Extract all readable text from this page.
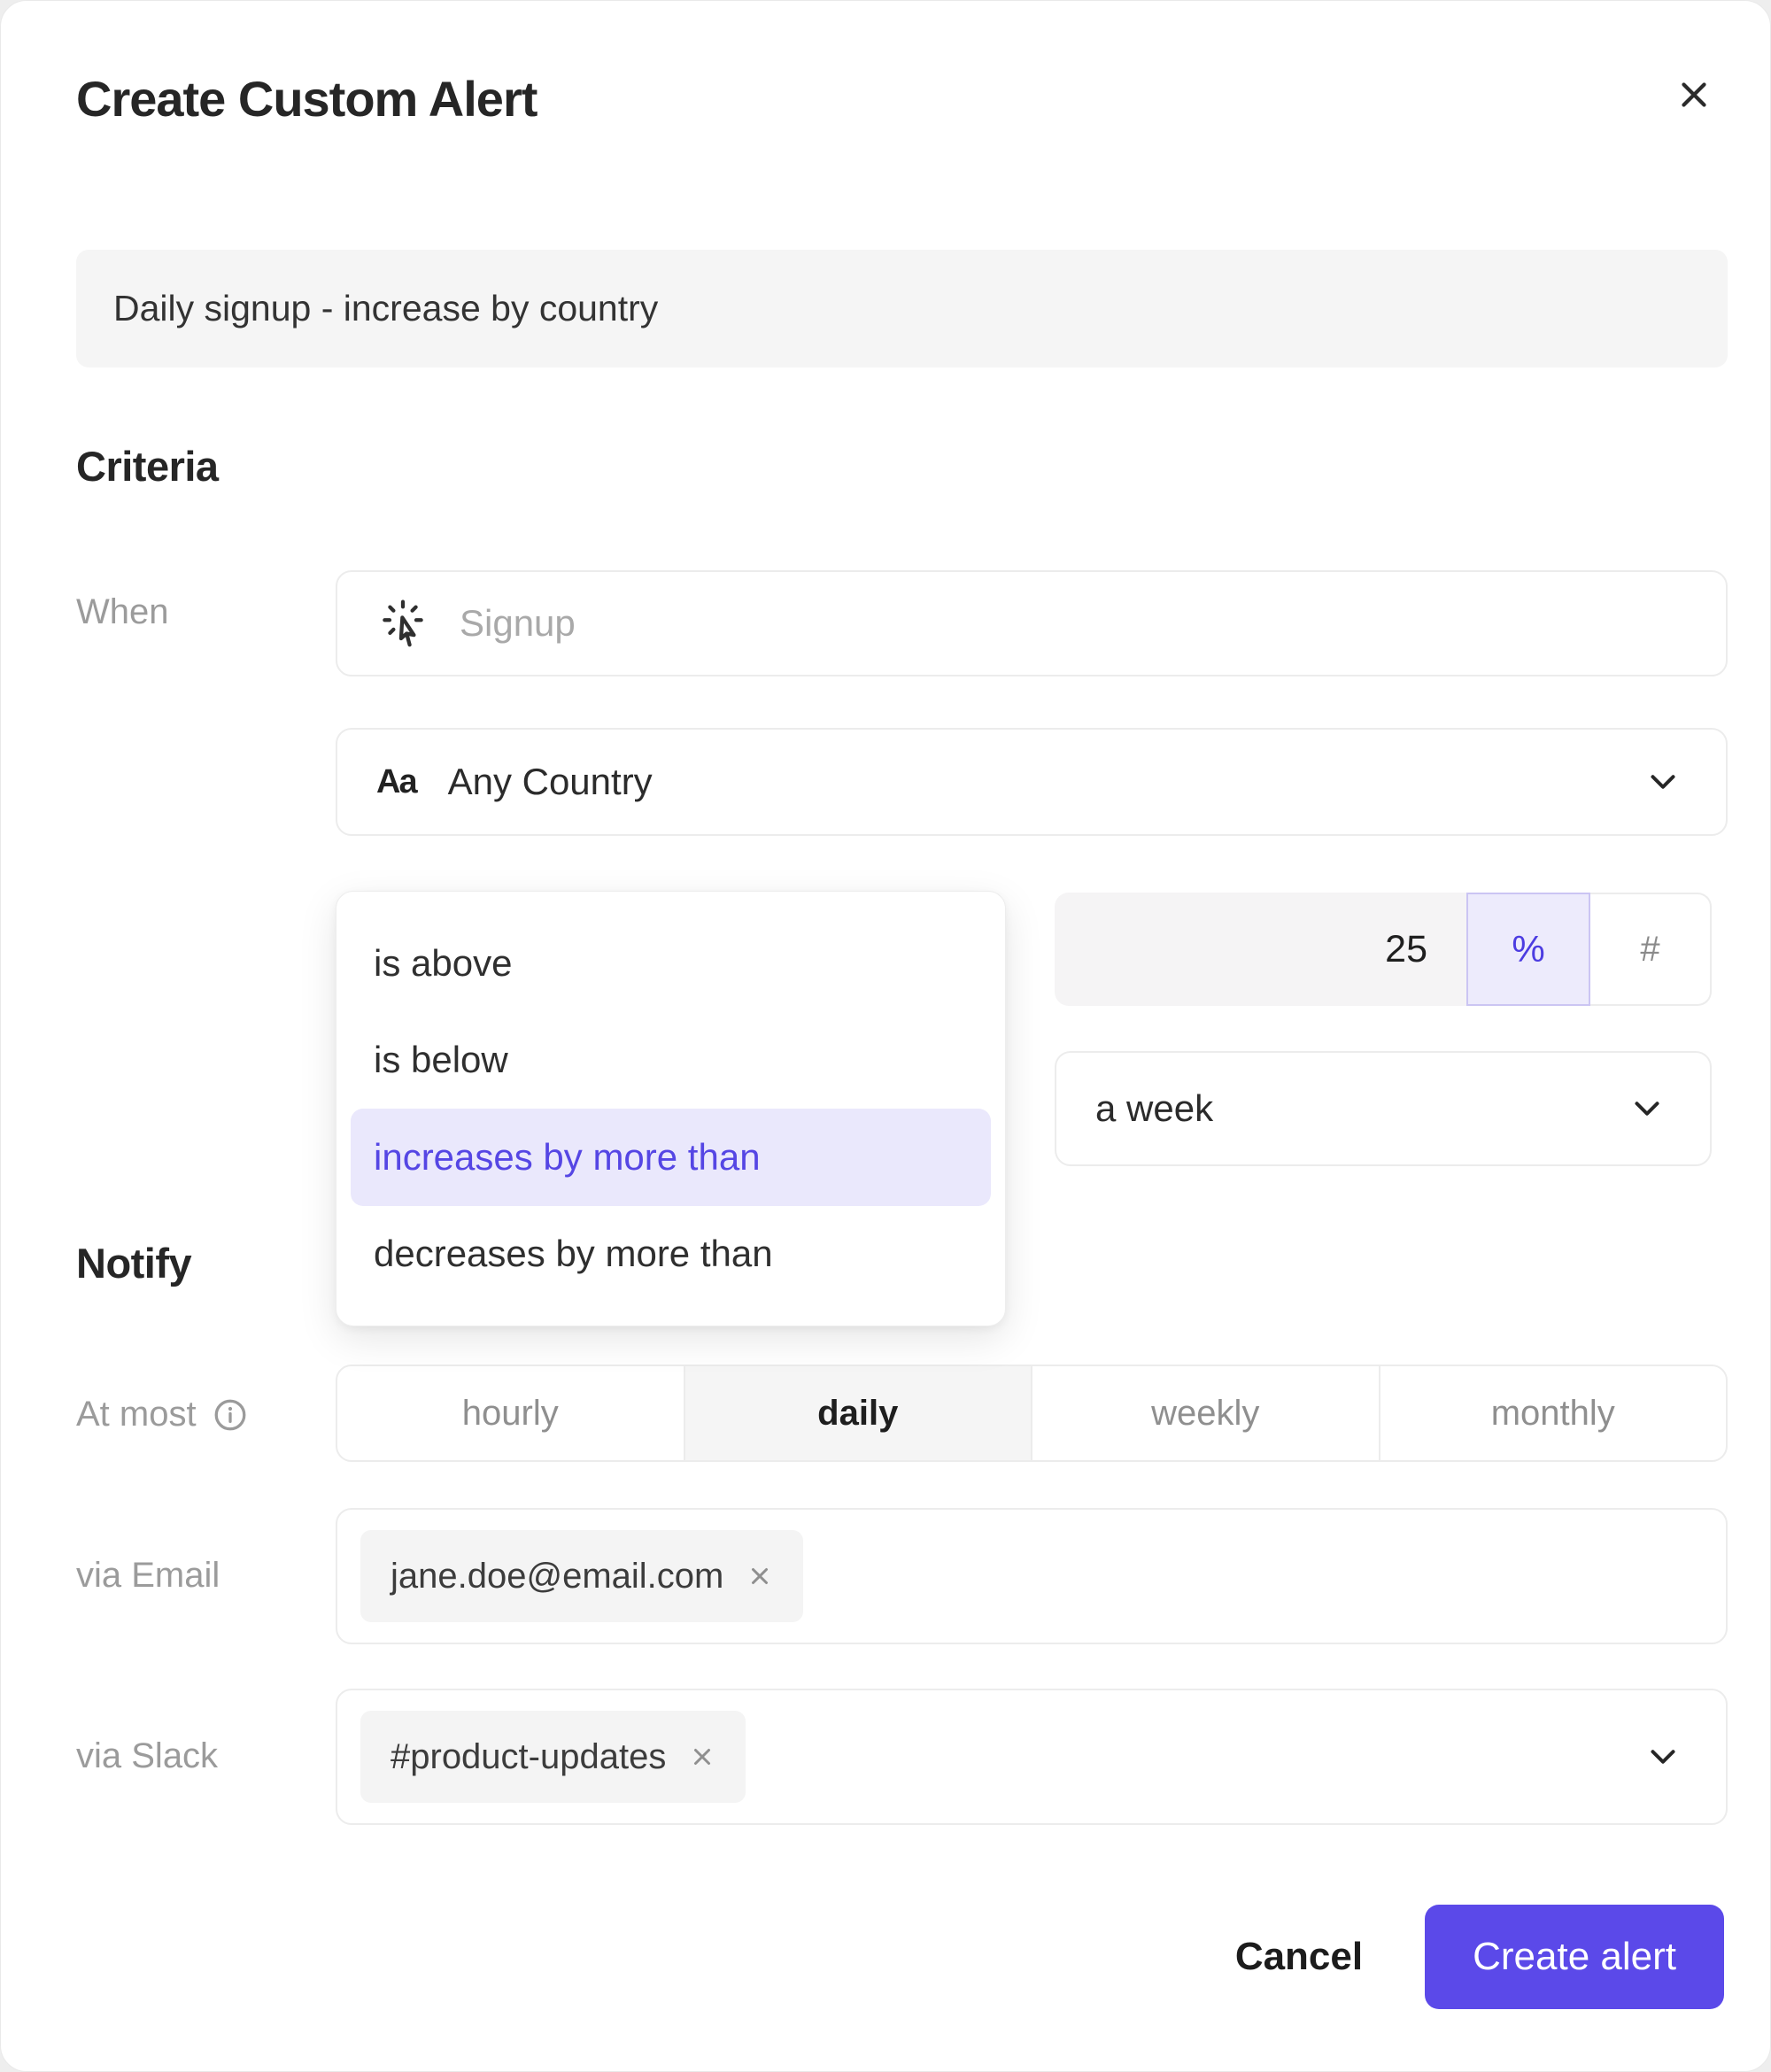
Create Custom Alert
Daily signup - increase by country
Criteria
When	Signup
Aa Any Country
is above
is below
increases by more than
decreases by more than
25	%	#
a week
Notify
At most	hourly	daily	weekly	monthly
via Email	jane.doe@email.com
via Slack	#product-updates
Cancel	Create alert
